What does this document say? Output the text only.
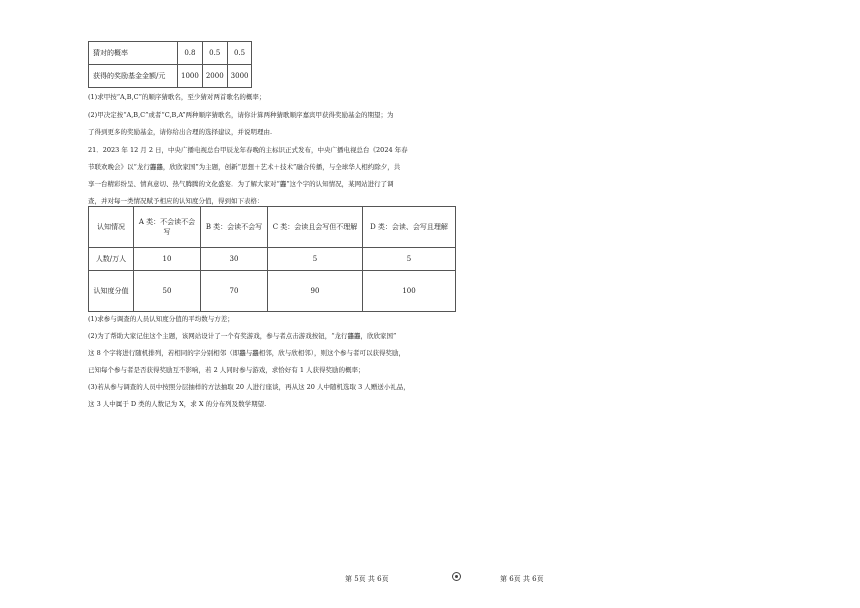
猜对的概率	0.8	0.5	0.5
获得的奖励基金金额/元	1000	2000	3000
(1)求甲按“A,B,C”的顺序猜歌名，至少猜对两首歌名的概率；
(2)甲决定按“A,B,C”或者“C,B,A”两种顺序猜歌名，请你计算两种猜歌顺序嘉宾甲获得奖励基金的期望；为
了得到更多的奖励基金，请你给出合理的选择建议，并说明理由.
21．2023 年 12 月 2 日，中央广播电视总台甲辰龙年春晚的主标识正式发布，中央广播电视总台《2024 年春
节联欢晚会》以“龙行龘龘，欣欣家国”为主题，创新“思想＋艺术＋技术”融合传播，与全球华人相约除夕，共
享一台精彩纷呈、情真意切、热气腾腾的文化盛宴．为了解大家对“龘”这个字的认知情况，某网站进行了调
查，并对每一类情况赋予相应的认知度分值，得到如下表格：
认知情况	A 类：不会读不会写	B 类：会读不会写	C 类：会读且会写但不理解	D 类：会读、会写且理解
人数/万人	10	30	5	5
认知度分值	50	70	90	100
(1)求参与调查的人员认知度分值的平均数与方差；
(2)为了帮助大家记住这个主题，该网站设计了一个有奖游戏，参与者点击游戏按钮，“龙行龘龘，欣欣家国”
这 8 个字将进行随机排列，若相同的字分别相邻（即龘与龘相邻，欣与欣相邻），则这个参与者可以获得奖励，
已知每个参与者是否获得奖励互不影响，若 2 人同时参与游戏，求恰好有 1 人获得奖励的概率；
(3)若从参与调查的人员中按照分层抽样的方法抽取 20 人进行座谈，再从这 20 人中随机选取 3 人赠送小礼品，
这 3 人中属于 D 类的人数记为 X，求 X 的分布列及数学期望.
第 5页 共 6页	第 6页 共 6页
